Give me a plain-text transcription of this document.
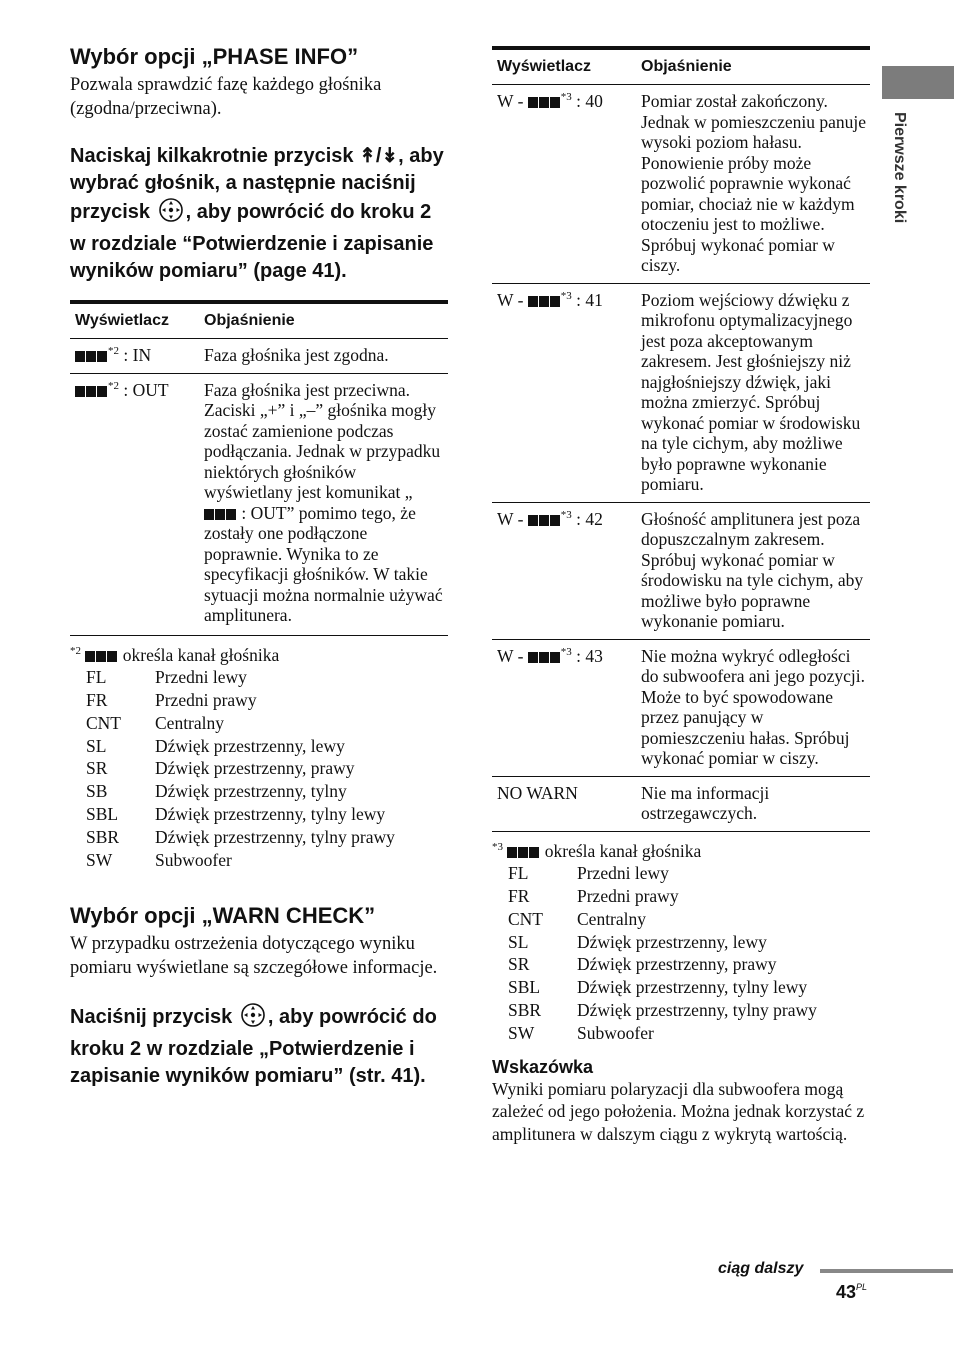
Wybór opcji „PHASE INFO”

Pozwala sprawdzić fazę każdego głośnika (zgodna/przeciwna).

Naciskaj kilkakrotnie przycisk ↟/↡, aby wybrać głośnik, a następnie naciśnij przycisk , aby powrócić do kroku 2 w rozdziale “Potwierdzenie i zapisanie wyników pomiaru” (page 41).
Wyświetlacz	Objaśnienie
$^{*2}$ : IN	Faza głośnika jest zgodna.
$^{*2}$ : OUT	Faza głośnika jest przeciwna. Zaciski „+” i „–” głośnika mogły zostać zamienione podczas podłączania. Jednak w przypadku niektórych głośników wyświetlany jest komunikat „ : OUT” pomimo tego, że zostały one podłączone poprawnie. Wynika to ze specyfikacji głośników. W takie sytuacji można normalnie używać amplitunera.
$^{*2}$  określa kanał głośnika
FL	Przedni lewy
FR	Przedni prawy
CNT	Centralny
SL	Dźwięk przestrzenny, lewy
SR	Dźwięk przestrzenny, prawy
SB	Dźwięk przestrzenny, tylny
SBL	Dźwięk przestrzenny, tylny lewy
SBR	Dźwięk przestrzenny, tylny prawy
SW	Subwoofer
Wybór opcji „WARN CHECK”

W przypadku ostrzeżenia dotyczącego wyniku pomiaru wyświetlane są szczegółowe informacje.

Naciśnij przycisk , aby powrócić do kroku 2 w rozdziale „Potwierdzenie i zapisanie wyników pomiaru” (str. 41).
Wyświetlacz	Objaśnienie
W - $^{*3}$ : 40	Pomiar został zakończony. Jednak w pomieszczeniu panuje wysoki poziom hałasu. Ponowienie próby może pozwolić poprawnie wykonać pomiar, chociaż nie w każdym otoczeniu jest to możliwe. Spróbuj wykonać pomiar w ciszy.
W - $^{*3}$ : 41	Poziom wejściowy dźwięku z mikrofonu optymalizacyjnego jest poza akceptowanym zakresem. Jest głośniejszy niż najgłośniejszy dźwięk, jaki można zmierzyć. Spróbuj wykonać pomiar w środowisku na tyle cichym, aby możliwe było poprawne wykonanie pomiaru.
W - $^{*3}$ : 42	Głośność amplitunera jest poza dopuszczalnym zakresem. Spróbuj wykonać pomiar w środowisku na tyle cichym, aby możliwe było poprawne wykonanie pomiaru.
W - $^{*3}$ : 43	Nie można wykryć odległości do subwoofera ani jego pozycji. Może to być spowodowane przez panujący w pomieszczeniu hałas. Spróbuj wykonać pomiar w ciszy.
NO WARN	Nie ma informacji ostrzegawczych.
$^{*3}$  określa kanał głośnika
FL	Przedni lewy
FR	Przedni prawy
CNT	Centralny
SL	Dźwięk przestrzenny, lewy
SR	Dźwięk przestrzenny, prawy
SBL	Dźwięk przestrzenny, tylny lewy
SBR	Dźwięk przestrzenny, tylny prawy
SW	Subwoofer
Wskazówka

Wyniki pomiaru polaryzacji dla subwoofera mogą zależeć od jego położenia. Można jednak korzystać z amplitunera w dalszym ciągu z wykrytą wartością.

Pierwsze kroki
ciąg dalszy
$43^{PL}$
